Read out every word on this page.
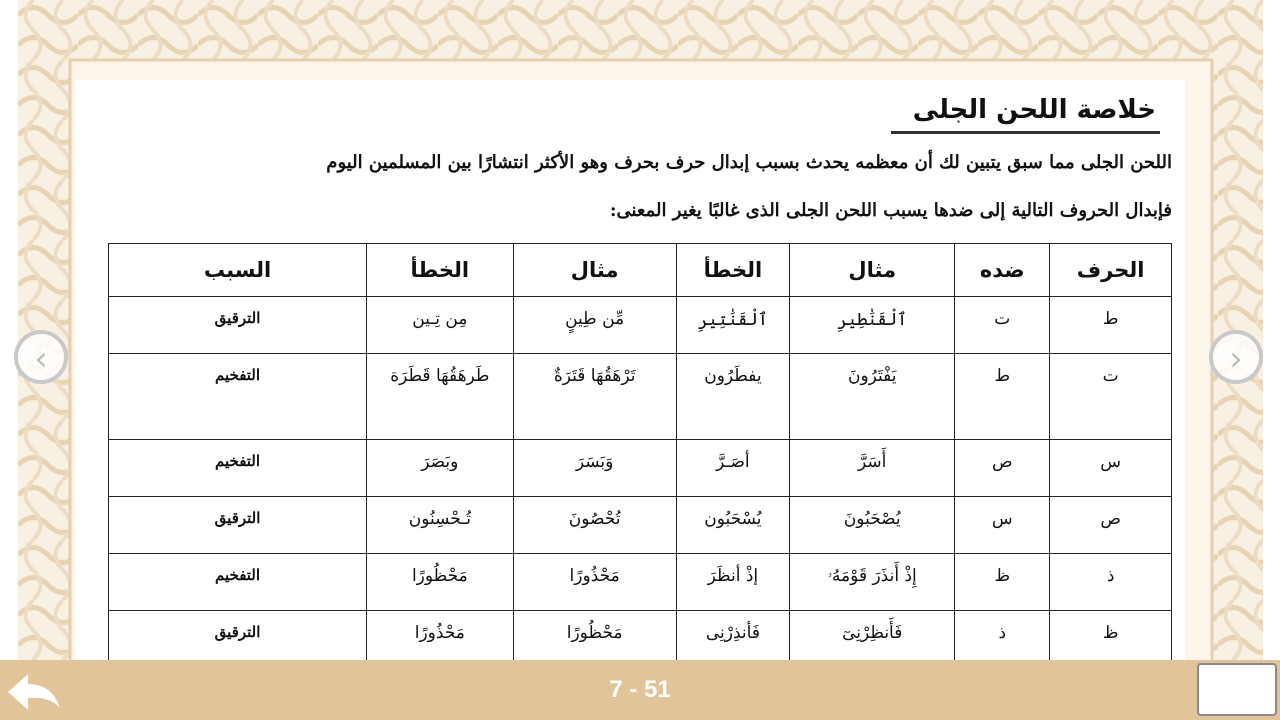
خلاصة اللحن الجلى
اللحن الجلى مما سبق يتبين لك أن معظمه يحدث بسبب إبدال حرف بحرف وهو الأكثر انتشارًا بين المسلمين اليوم
فإبدال الحروف التالية إلى ضدها يسبب اللحن الجلى الذى غالبًا يغير المعنى:
الحرف	ضده	مثال	الخطأ	مثال	الخطأ	السبب
ط	ت	ٱلْقَنَٰطِيرِ	ٱلْقَنَٰتِيرِ	مِّن طِينٍ	مِن تِـين	الترقيق
ت	ط	يَفْتَرُونَ	يفطَرُون	تَرْهَقُهَا قَتَرَةٌ	طَرهَقُهَا قَطَرَة	التفخيم
س	ص	أَسَرَّ	أصَـرَّ	وَبَسَرَ	وبَصَرَ	التفخيم
ص	س	يُصْحَبُونَ	يُسْحَبُون	تُحْصُونَ	تُـحْسِنُون	الترقيق
ذ	ظ	إِذْ أَنذَرَ قَوْمَهُۥ	إذْ أنظَرَ	مَحْذُورًا	مَحْظُورًا	التفخيم
ظ	ذ	فَأَنظِرْنِىٓ	فَأنذِرْنِى	مَحْظُورًا	مَحْذُورًا	الترقيق
‹	›
7 - 51
